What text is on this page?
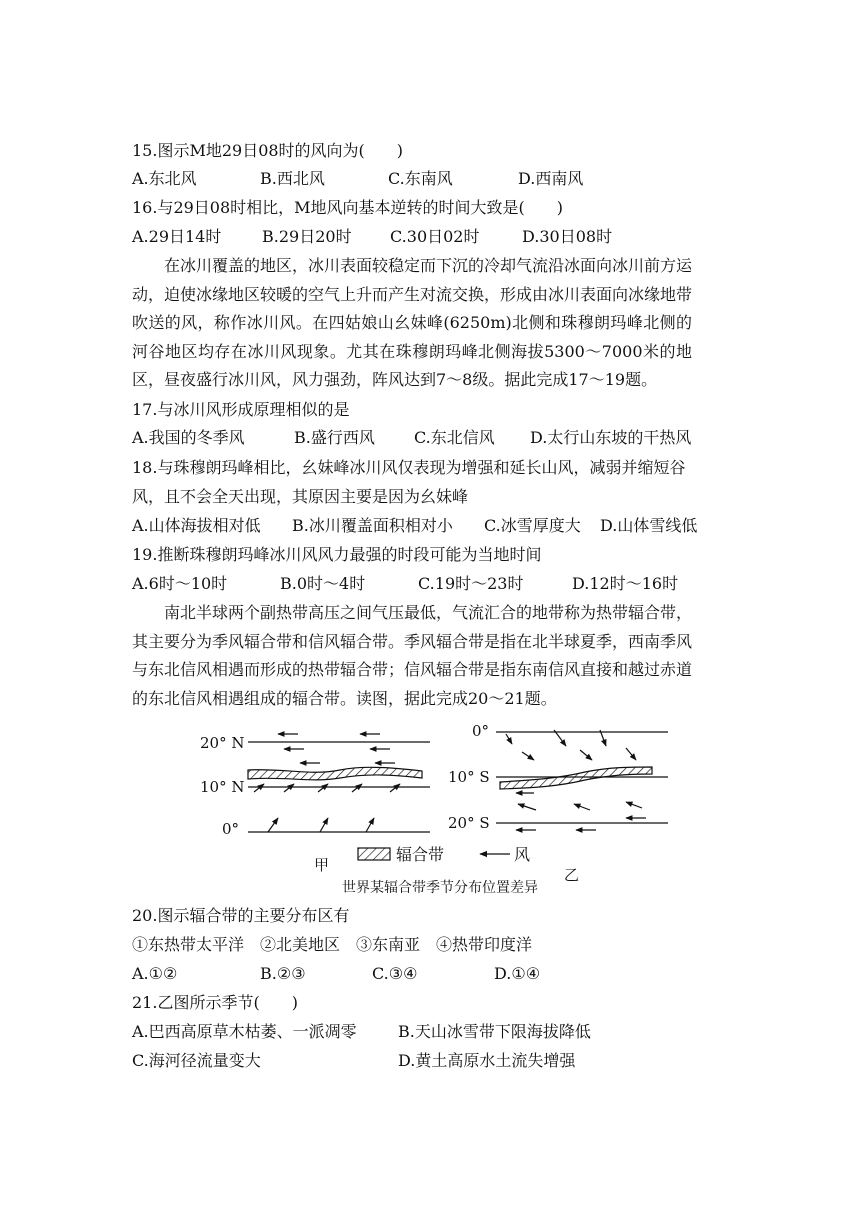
15.图示M地29日08时的风向为(　　)
A.东北风	B.西北风	C.东南风	D.西南风
16.与29日08时相比，M地风向基本逆转的时间大致是(　　)
A.29日14时	B.29日20时 C.30日02时	D.30日08时
在冰川覆盖的地区，冰川表面较稳定而下沉的冷却气流沿冰面向冰川前方运动，迫使冰缘地区较暖的空气上升而产生对流交换，形成由冰川表面向冰缘地带吹送的风，称作冰川风。在四姑娘山幺妹峰(6250m)北侧和珠穆朗玛峰北侧的河谷地区均存在冰川风现象。尤其在珠穆朗玛峰北侧海拔5300～7000米的地区，昼夜盛行冰川风，风力强劲，阵风达到7～8级。据此完成17～19题。
17.与冰川风形成原理相似的是
A.我国的冬季风	B.盛行西风 C.东北信风 D.太行山东坡的干热风
18.与珠穆朗玛峰相比，幺妹峰冰川风仅表现为增强和延长山风，减弱并缩短谷
风，且不会全天出现，其原因主要是因为幺妹峰
A.山体海拔相对低 B.冰川覆盖面积相对小 C.冰雪厚度大 D.山体雪线低
19.推断珠穆朗玛峰冰川风风力最强的时段可能为当地时间
A.6时～10时	B.0时～4时	C.19时～23时	D.12时～16时
南北半球两个副热带高压之间气压最低，气流汇合的地带称为热带辐合带，其主要分为季风辐合带和信风辐合带。季风辐合带是指在北半球夏季，西南季风与东北信风相遇而形成的热带辐合带；信风辐合带是指东南信风直接和越过赤道的东北信风相遇组成的辐合带。读图，据此完成20～21题。
20° N
10° N
0°
甲
0°
10° S
20° S
乙
辐合带	风
世界某辐合带季节分布位置差异
20.图示辐合带的主要分布区有
①东热带太平洋　②北美地区　③东南亚　④热带印度洋
A.①②	B.②③	C.③④	D.①④
21.乙图所示季节(　　)
A.巴西高原草木枯萎、一派凋零	B.天山冰雪带下限海拔降低
C.海河径流量变大	D.黄土高原水土流失增强
